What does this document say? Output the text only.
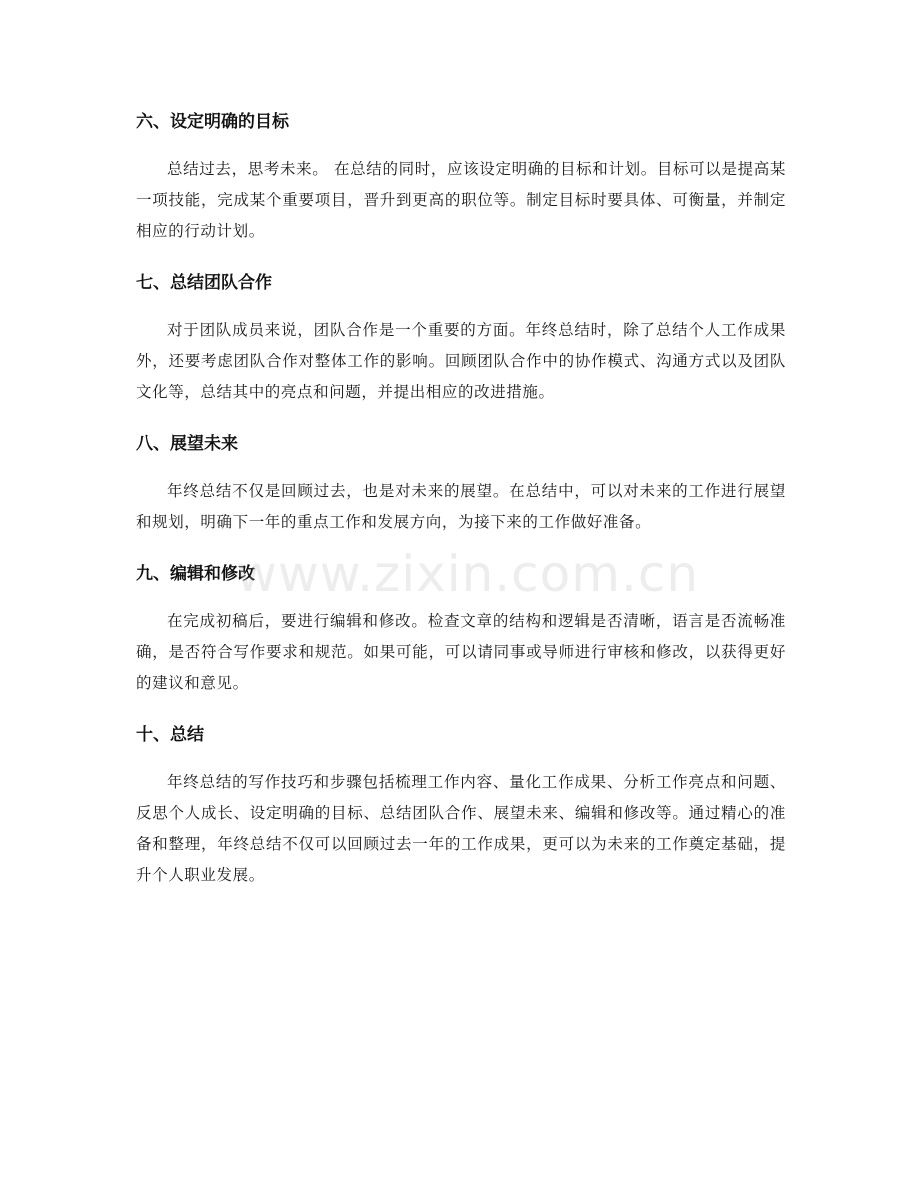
六、设定明确的目标

总结过去，思考未来。 在总结的同时，应该设定明确的目标和计划。目标可以是提高某一项技能，完成某个重要项目，晋升到更高的职位等。制定目标时要具体、可衡量，并制定相应的行动计划。

七、总结团队合作

对于团队成员来说，团队合作是一个重要的方面。年终总结时，除了总结个人工作成果外，还要考虑团队合作对整体工作的影响。回顾团队合作中的协作模式、沟通方式以及团队文化等，总结其中的亮点和问题，并提出相应的改进措施。

八、展望未来

年终总结不仅是回顾过去，也是对未来的展望。在总结中，可以对未来的工作进行展望和规划，明确下一年的重点工作和发展方向，为接下来的工作做好准备。

九、编辑和修改

在完成初稿后，要进行编辑和修改。检查文章的结构和逻辑是否清晰，语言是否流畅准确，是否符合写作要求和规范。如果可能，可以请同事或导师进行审核和修改，以获得更好的建议和意见。

十、总结

年终总结的写作技巧和步骤包括梳理工作内容、量化工作成果、分析工作亮点和问题、反思个人成长、设定明确的目标、总结团队合作、展望未来、编辑和修改等。通过精心的准备和整理，年终总结不仅可以回顾过去一年的工作成果，更可以为未来的工作奠定基础，提升个人职业发展。

www.zixin.com.cn
